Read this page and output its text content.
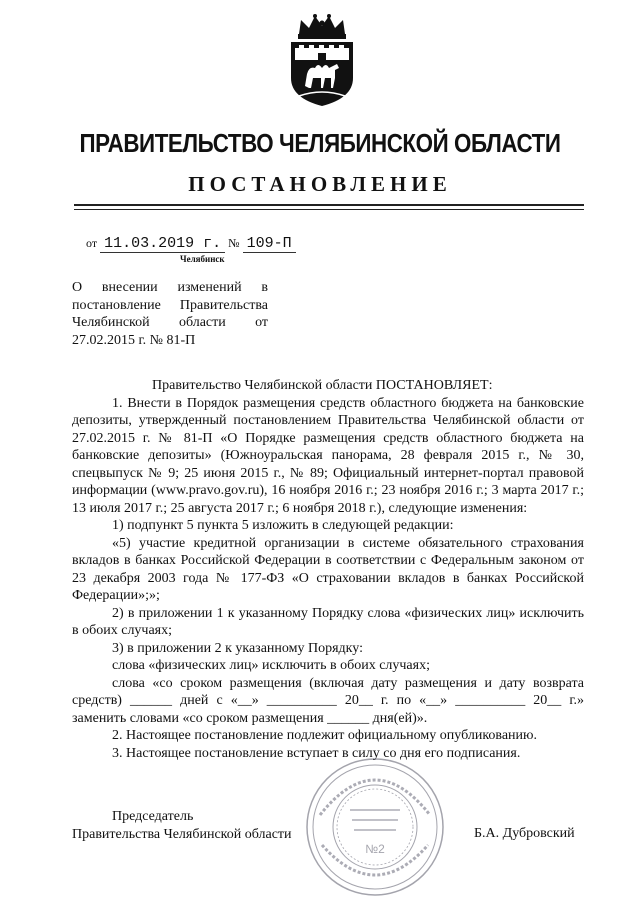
ПРАВИТЕЛЬСТВО ЧЕЛЯБИНСКОЙ ОБЛАСТИ
ПОСТАНОВЛЕНИЕ
от 11.03.2019 г. № 109-П
Челябинск

О внесении изменений в постановление Правительства Челябинской области от 27.02.2015 г. № 81-П

Правительство Челябинской области ПОСТАНОВЛЯЕТ:

1. Внести в Порядок размещения средств областного бюджета на банковские депозиты, утвержденный постановлением Правительства Челябинской области от 27.02.2015 г. № 81-П «О Порядке размещения средств областного бюджета на банковские депозиты» (Южноуральская панорама, 28 февраля 2015 г., № 30, спецвыпуск № 9; 25 июня 2015 г., № 89; Официальный интернет-портал правовой информации (www.pravo.gov.ru), 16 ноября 2016 г.; 23 ноября 2016 г.; 3 марта 2017 г.; 13 июля 2017 г.; 25 августа 2017 г.; 6 ноября 2018 г.), следующие изменения:

1) подпункт 5 пункта 5 изложить в следующей редакции:

«5) участие кредитной организации в системе обязательного страхования вкладов в банках Российской Федерации в соответствии с Федеральным законом от 23 декабря 2003 года № 177-ФЗ «О страховании вкладов в банках Российской Федерации»;»;

2) в приложении 1 к указанному Порядку слова «физических лиц» исключить в обоих случаях;

3) в приложении 2 к указанному Порядку:

слова «физических лиц» исключить в обоих случаях;

слова «со сроком размещения (включая дату размещения и дату возврата средств) ______ дней с «__» __________ 20__ г. по «__» __________ 20__ г.» заменить словами «со сроком размещения ______ дня(ей)».

2. Настоящее постановление подлежит официальному опубликованию.

3. Настоящее постановление вступает в силу со дня его подписания.

Председатель

Правительства Челябинской области	Б.А. Дубровский
№2
